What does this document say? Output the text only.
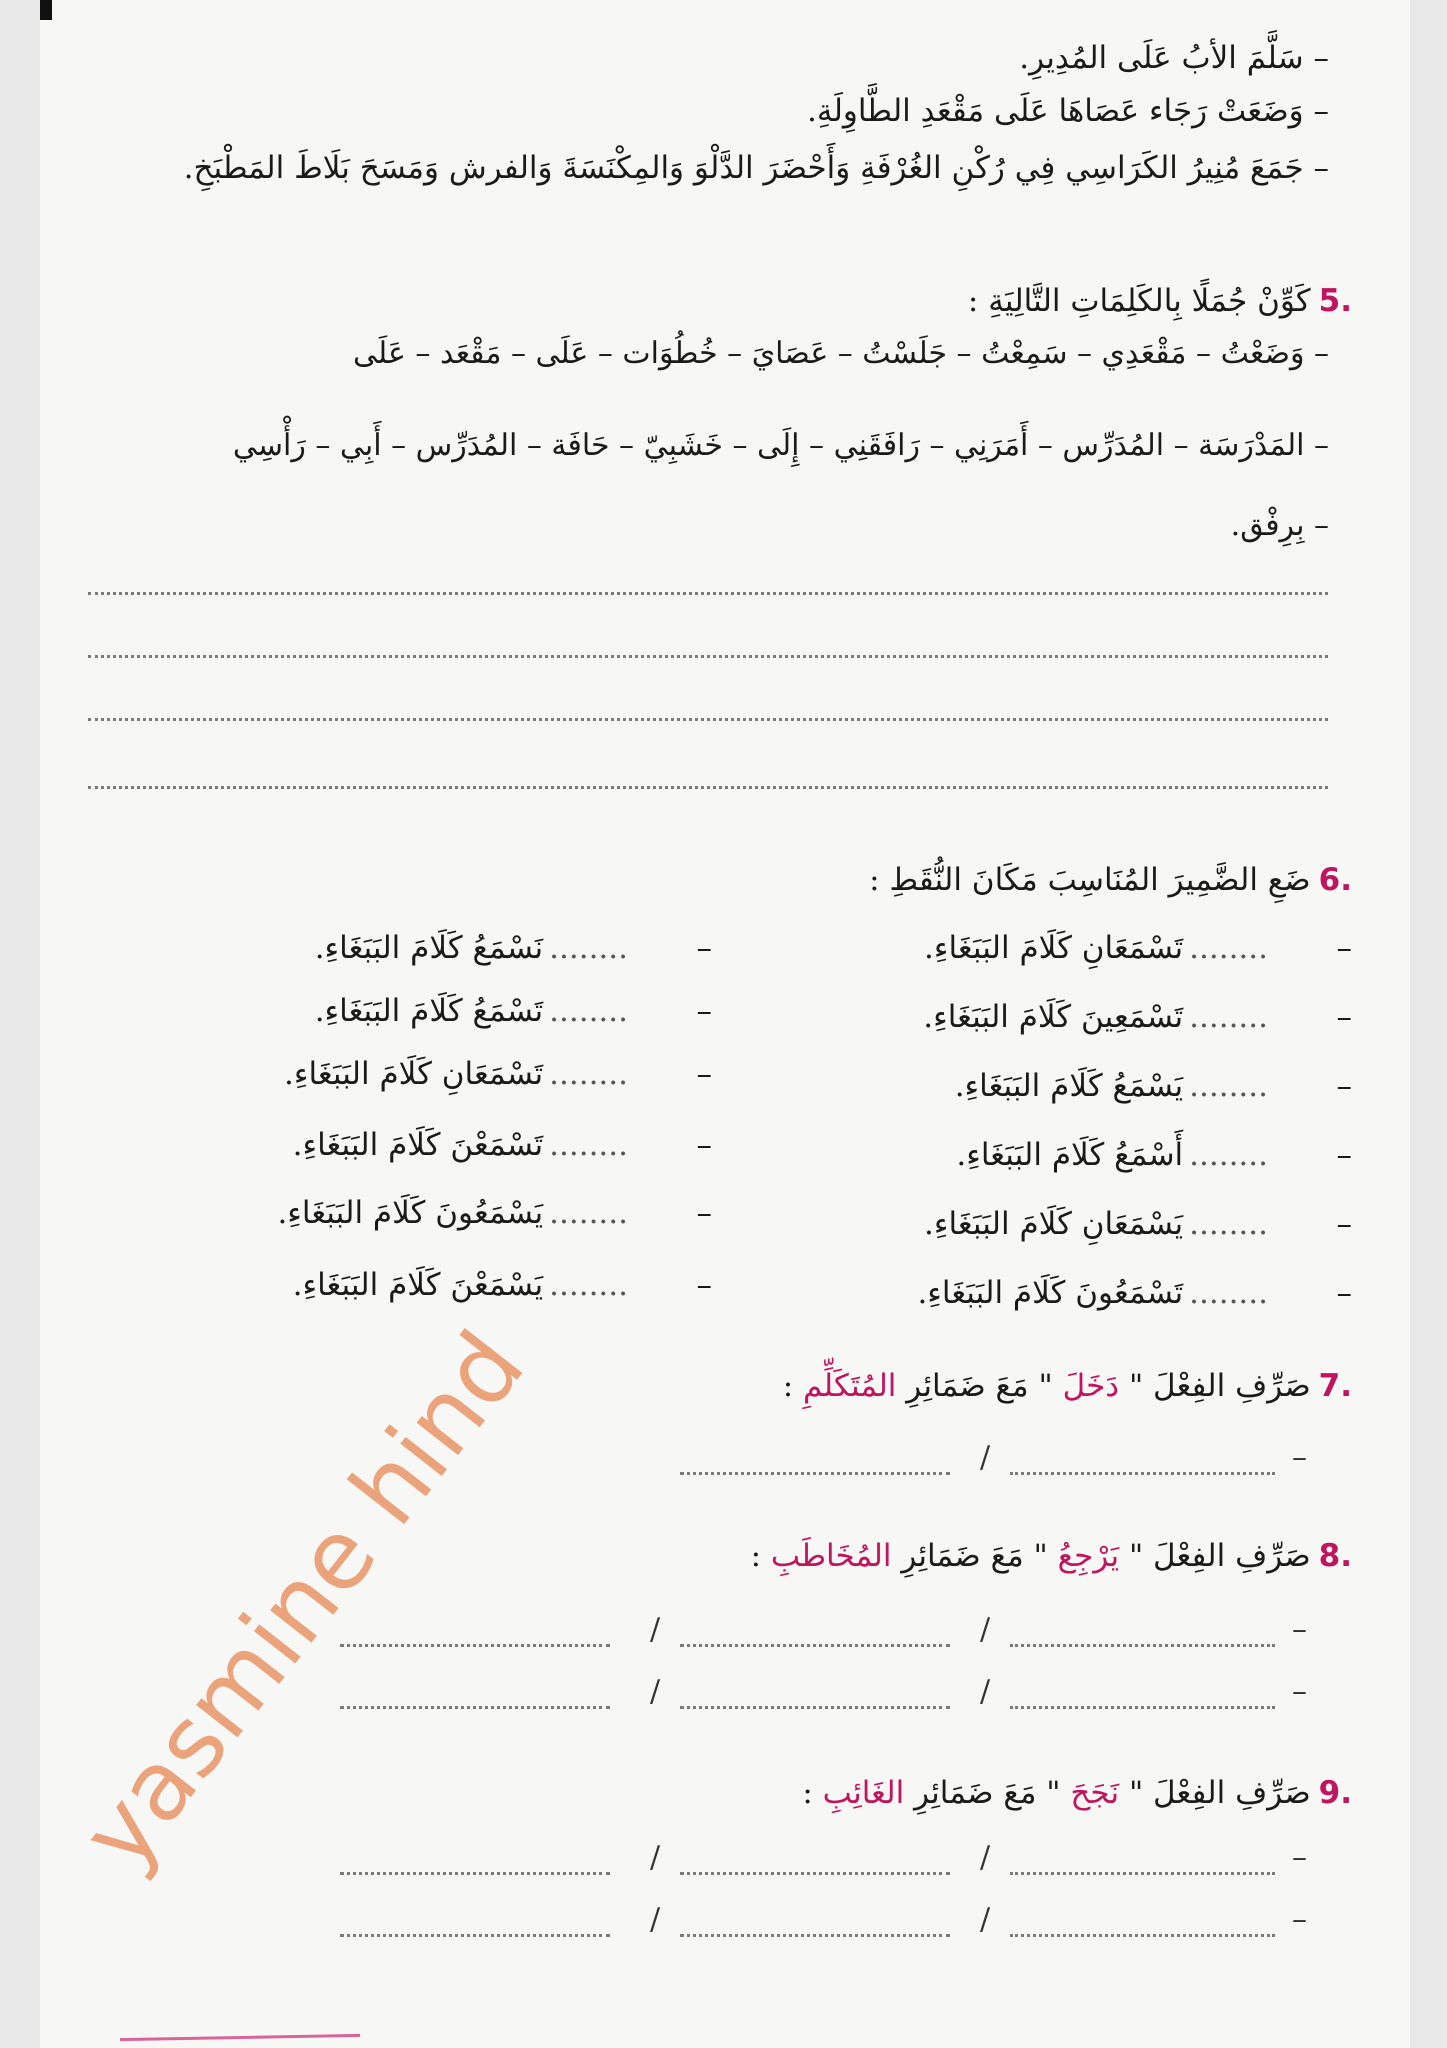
– سَلَّمَ الأبُ عَلَى المُدِيرِ.
– وَضَعَتْ رَجَاء عَصَاهَا عَلَى مَقْعَدِ الطَّاوِلَةِ.
– جَمَعَ مُنِيرُ الكَرَاسِي فِي رُكْنِ الغُرْفَةِ وَأَحْضَرَ الدَّلْوَ وَالمِكْنَسَةَ وَالفرش وَمَسَحَ بَلَاطَ المَطْبَخِ.
5.كَوِّنْ جُمَلًا بِالكَلِمَاتِ التَّالِيَةِ :
– وَضَعْتُ – مَقْعَدِي – سَمِعْتُ – جَلَسْتُ – عَصَايَ – خُطُوَات – عَلَى – مَقْعَد – عَلَى
– المَدْرَسَة – المُدَرِّس – أَمَرَنِي – رَافَقَنِي – إِلَى – خَشَبِيّ – حَافَة – المُدَرِّس – أَبِي – رَأْسِي
– بِرِفْق.
6.ضَعِ الضَّمِيرَ المُنَاسِبَ مَكَانَ النُّقَطِ :
–........تَسْمَعَانِ كَلَامَ البَبَغَاءِ.
–........تَسْمَعِينَ كَلَامَ البَبَغَاءِ.
–........يَسْمَعُ كَلَامَ البَبَغَاءِ.
–........أَسْمَعُ كَلَامَ البَبَغَاءِ.
–........يَسْمَعَانِ كَلَامَ البَبَغَاءِ.
–........تَسْمَعُونَ كَلَامَ البَبَغَاءِ.
–........نَسْمَعُ كَلَامَ البَبَغَاءِ.
–........تَسْمَعُ كَلَامَ البَبَغَاءِ.
–........تَسْمَعَانِ كَلَامَ البَبَغَاءِ.
–........تَسْمَعْنَ كَلَامَ البَبَغَاءِ.
–........يَسْمَعُونَ كَلَامَ البَبَغَاءِ.
–........يَسْمَعْنَ كَلَامَ البَبَغَاءِ.
7.صَرِّفِ الفِعْلَ " دَخَلَ " مَعَ ضَمَائِرِ المُتَكَلِّمِ :
–
/
8.صَرِّفِ الفِعْلَ " يَرْجِعُ " مَعَ ضَمَائِرِ المُخَاطَبِ :
–
/
/
–
/
/
9.صَرِّفِ الفِعْلَ " نَجَحَ " مَعَ ضَمَائِرِ الغَائِبِ :
–
/
/
–
/
/
yasmine hind
